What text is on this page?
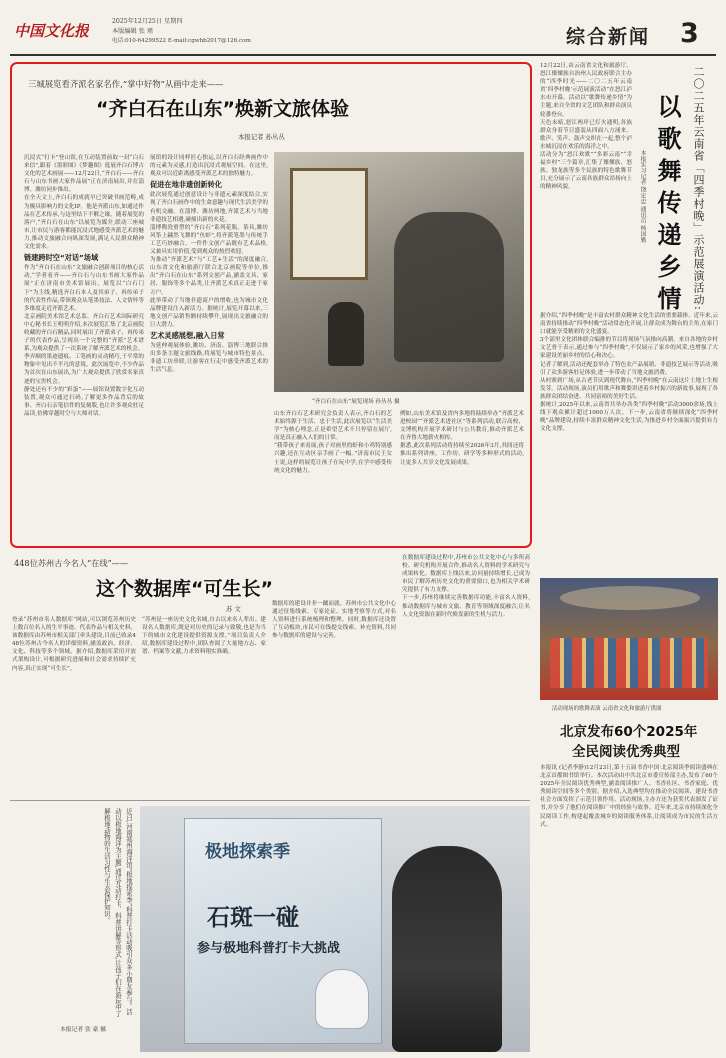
中国文化报
2025年12月25日 星期四
本版编辑 张 瑾
电话:010-64299522 E-mail:cgwhb2017@126.com	综合新闻 3
三城展览看齐派名家名作,“掌中好物”从画中走来——
“齐白石在山东”焕新文旅体验
本报记者 孙丛丛

沉浸式“打卡”登山馆,在互动装置前取一封“白石来信”,跟着《墨彩图》《梦趣图》逛展齐白石博古文化的艺术画展——12月22日,“齐白石——齐白石与山东书画大家作品展”正在济南展出,并在淄博、潍坊同步推出。

在全天文上,齐白石的成就早已突破书画范畴,成为极具影响力的文化IP。他是齐派山东,如通过作品在艺术传承,与这里结下不解之缘。随着展览的落户,“齐白石在山东”以展览为媒介,联动三座城市,让市民与游客都能沉浸式地感受齐派艺术的魅力,推动文旅融合向纵深发展,满足人民群众精神文化需求。

链建跨时空“对话”场域

作为“齐白石在山东”文旅融合创新项目的核心活动,“学者看齐——齐白石与山东书画大家作品展”正在济南市美术馆展出。展览以“白石门下”为主线,精选齐白石本人及其弟子、再传弟子的代表性作品,带领观众从笔墨技法、人文情怀等多维度走近齐派艺术。

北京画院美术馆艺术总监、齐白石艺术国际研究中心秘书长王明明介绍,本次展览汇集了北京画院收藏的齐白石精品,同时展出了齐派弟子、再传弟子的代表作品,呈现出一个完整的“齐派”艺术谱系,为观众提供了一次系统了解齐派艺术的机会。

季弄顺的墨迹遗痕、工笔画的灵动精巧,于平常的物象中见出不平凡的意境。此次展览中,不少作品为首次在山东展出,为广大观众提供了欣赏名家真迹的宝贵机会。

静处还有不少的“彩蛋”——展馆设置数字化互动装置,观众可通过扫码,了解更多作品背后的故事。齐白石亲笔信件的复刻版,也让许多观众驻足品读,仿佛穿越时空与大师对话。

展馆的设计同样匠心独运,以齐白石经典画作中的元素为灵感,打造出沉浸式观展空间。在这里,观众可以近距离感受齐派艺术的独特魅力。

促进在地非遗创新转化

此次展览通过创意设计与非遗元素深度结合,实现了齐白石画作中的生命意趣与现代生活美学的有机交融。在淄博、潍坊两地,齐派艺术与当地非遗技艺相遇,碰撞出新的火花。

淄博陶瓷重塑的“齐白石”系列花瓶、茶具,潍坊风筝上翩然飞舞的“鱼虾”,将齐派笔墨与传统手工艺巧妙融合。一件件文创产品既有艺术品格,又兼具实用价值,受到观众的热烈欢迎。

为推动“齐派艺术”与“工艺+生活”的深度融合,山东省文化和旅游厅联合北京画院等单位,推出“齐白石在山东”系列文创产品,涵盖文具、家居、服饰等多个品类,让齐派艺术真正走进千家万户。

此举带动了当地非遗商户的增收,也为城市文化品牌建设注入新活力。据统计,展览开幕以来,三地文创产品销售额持续攀升,展现出文旅融合的巨大潜力。

艺术灵感展想,融入日常

为延伸观展体验,潍坊、济南、淄博三地联合推出多条主题文旅线路,将展览与城市特色景点、非遗工坊串联,让游客在行走中感受齐派艺术的生活气息。

“齐白石在山东”展览现场 孙丛丛 摄

山东齐白石艺术研究会负责人表示,齐白石的艺术始终源于生活、忠于生活,此次展览以“生活美学”为核心理念,正是希望艺术不只停留在展厅,而是真正融入人们的日常。

“我带孩子来看展,孩子对画里的虾和小鸡特别感兴趣,还在互动区亲手画了一幅。”济南市民王女士说,这样的展览让孩子在玩中学,在学中感受传统文化的魅力。

例如,山东美术馆及省内多地将陆续举办“齐派艺术进校园”“齐派艺术进社区”等系列活动,联合高校、文博机构开展学术研讨与公共教育,推动齐派艺术在齐鲁大地薪火相传。

据悉,此次系列活动将持续至2026年3月,其间还将推出系列讲座、工作坊、研学等多种形式的活动,让更多人共享文化发展成果。

12月22日,由云南省文化和旅游厅、怒江傈僳族自治州人民政府联合主办的“四季时光——二〇二五年云南省‘四季村晚’示范展演活动”在怒江泸水市开幕。活动以“歌舞传递乡情”为主题,来自全省的文艺团队和群众演员轮番登台。

天色未暗,怒江两岸已灯火通明,各族群众身着节日盛装从四面八方涌来。歌声、笑声、鼓声交织在一起,整个泸水城沉浸在欢乐的海洋之中。

活动分为“怒江欢歌”“多彩云南”“幸福乡村”三个篇章,汇集了傈僳族、怒族、独龙族等多个民族的特色歌舞节目,充分展示了云南各族群众昂扬向上的精神风貌。	二〇二五年云南省「四季村晚」示范展演活动:
以歌舞传递乡情
本报实习记者 饶定忠 通讯员 杨国勤

据介绍,“四季村晚”是丰富农村群众精神文化生活的重要载体。近年来,云南省持续推动“四季村晚”活动常态化开展,让群众成为舞台的主角,在家门口就能享受精彩的文化盛宴。

3个部里文化团体联合编排的节目将现场气氛推向高潮。来自各地的乡村文艺骨干表示,通过参与“四季村晚”,不仅展示了家乡的风采,也增强了大家建设美丽乡村的信心和决心。

记者了解到,活动还配套举办了特色农产品展销、非遗技艺展示等活动,吸引了众多游客驻足体验,进一步带动了当地文旅消费。

从村寨到广场,从古老节庆到现代舞台,“四季村晚”在云南这片土地上生根发芽。活动现场,演员们用歌声和舞姿讲述着乡村振兴的新故事,展现了各族群众团结奋进、共同富裕的美好生活。

据统计,2025年以来,云南省共举办各类“四季村晚”活动3000余场,线上线下观众累计超过1000万人次。下一步,云南省将继续深化“四季村晚”品牌建设,持续丰富群众精神文化生活,为推进乡村全面振兴提供有力文化支撑。

活动现场的歌舞表演 云南省文化和旅游厅供图
北京发布60个2025年
全民阅读优秀典型

本报讯 (记者李静)12月23日,第十五届书香中国·北京阅读季阅读盛典在北京首都图书馆举行。本次活动由中共北京市委宣传部主办,发布了60个2025年全民阅读优秀典型,涵盖阅读推广人、书香社区、书香家庭、优秀阅读空间等多个类别。据介绍,入选典型均在推动全民阅读、建设书香社会方面发挥了示范引领作用。活动现场,主办方还为获奖代表颁发了证书,并分享了他们在阅读推广中的经验与故事。近年来,北京市持续深化全民阅读工作,构建起覆盖城乡的阅读服务体系,让阅读成为市民的生活方式。

448位苏州古今名人“在线”——
这个数据库“可生长”
苏 文

登录“苏州市名人数据库”网站,可以浏览苏州历史上数百位名人的生平事迹、代表作品与相关史料。该数据库由苏州市相关部门牵头建设,目前已收录448位苏州古今名人的详细资料,涵盖政治、经济、文化、科技等多个领域。据介绍,数据库采用开放式架构设计,可根据研究进展和社会需求持续扩充内容,真正实现“可生长”。

“苏州是一座历史文化名城,自古以来名人辈出。建设名人数据库,既是对历史的记录与致敬,也是为当下的城市文化建设提供资源支撑。”项目负责人介绍,数据库建设过程中,团队查阅了大量地方志、家谱、档案等文献,力求资料翔实准确。

数据库的建设并非一蹴而就。苏州市公共文化中心通过征集线索、专家论证、实地考察等方式,对名人资料进行系统梳理和整理。同时,数据库还设置了互动板块,市民可在线提交线索、补充资料,共同参与数据库的建设与完善。

在数据库建设过程中,苏州市公共文化中心与多所高校、研究机构开展合作,推动名人资料的学术研究与成果转化。数据库上线以来,访问量持续增长,已成为市民了解苏州历史文化的重要窗口,也为相关学术研究提供了有力支撑。

下一步,苏州将继续完善数据库功能,丰富名人资料,推动数据库与城市文旅、教育等领域深度融合,让名人文化资源在新时代焕发新的生机与活力。

近日,河南郑州海洋馆“极地探索季”科普打卡活动吸引众多小朋友参与。活动以极地海洋为主题,通过互动打卡、科普讲解等形式,让孩子们在游玩中了解极地动物的生活习性与生态保护知识。
本报记者 张 豪 摄
极地探索季
石斑一碰
参与极地科普打卡大挑战
